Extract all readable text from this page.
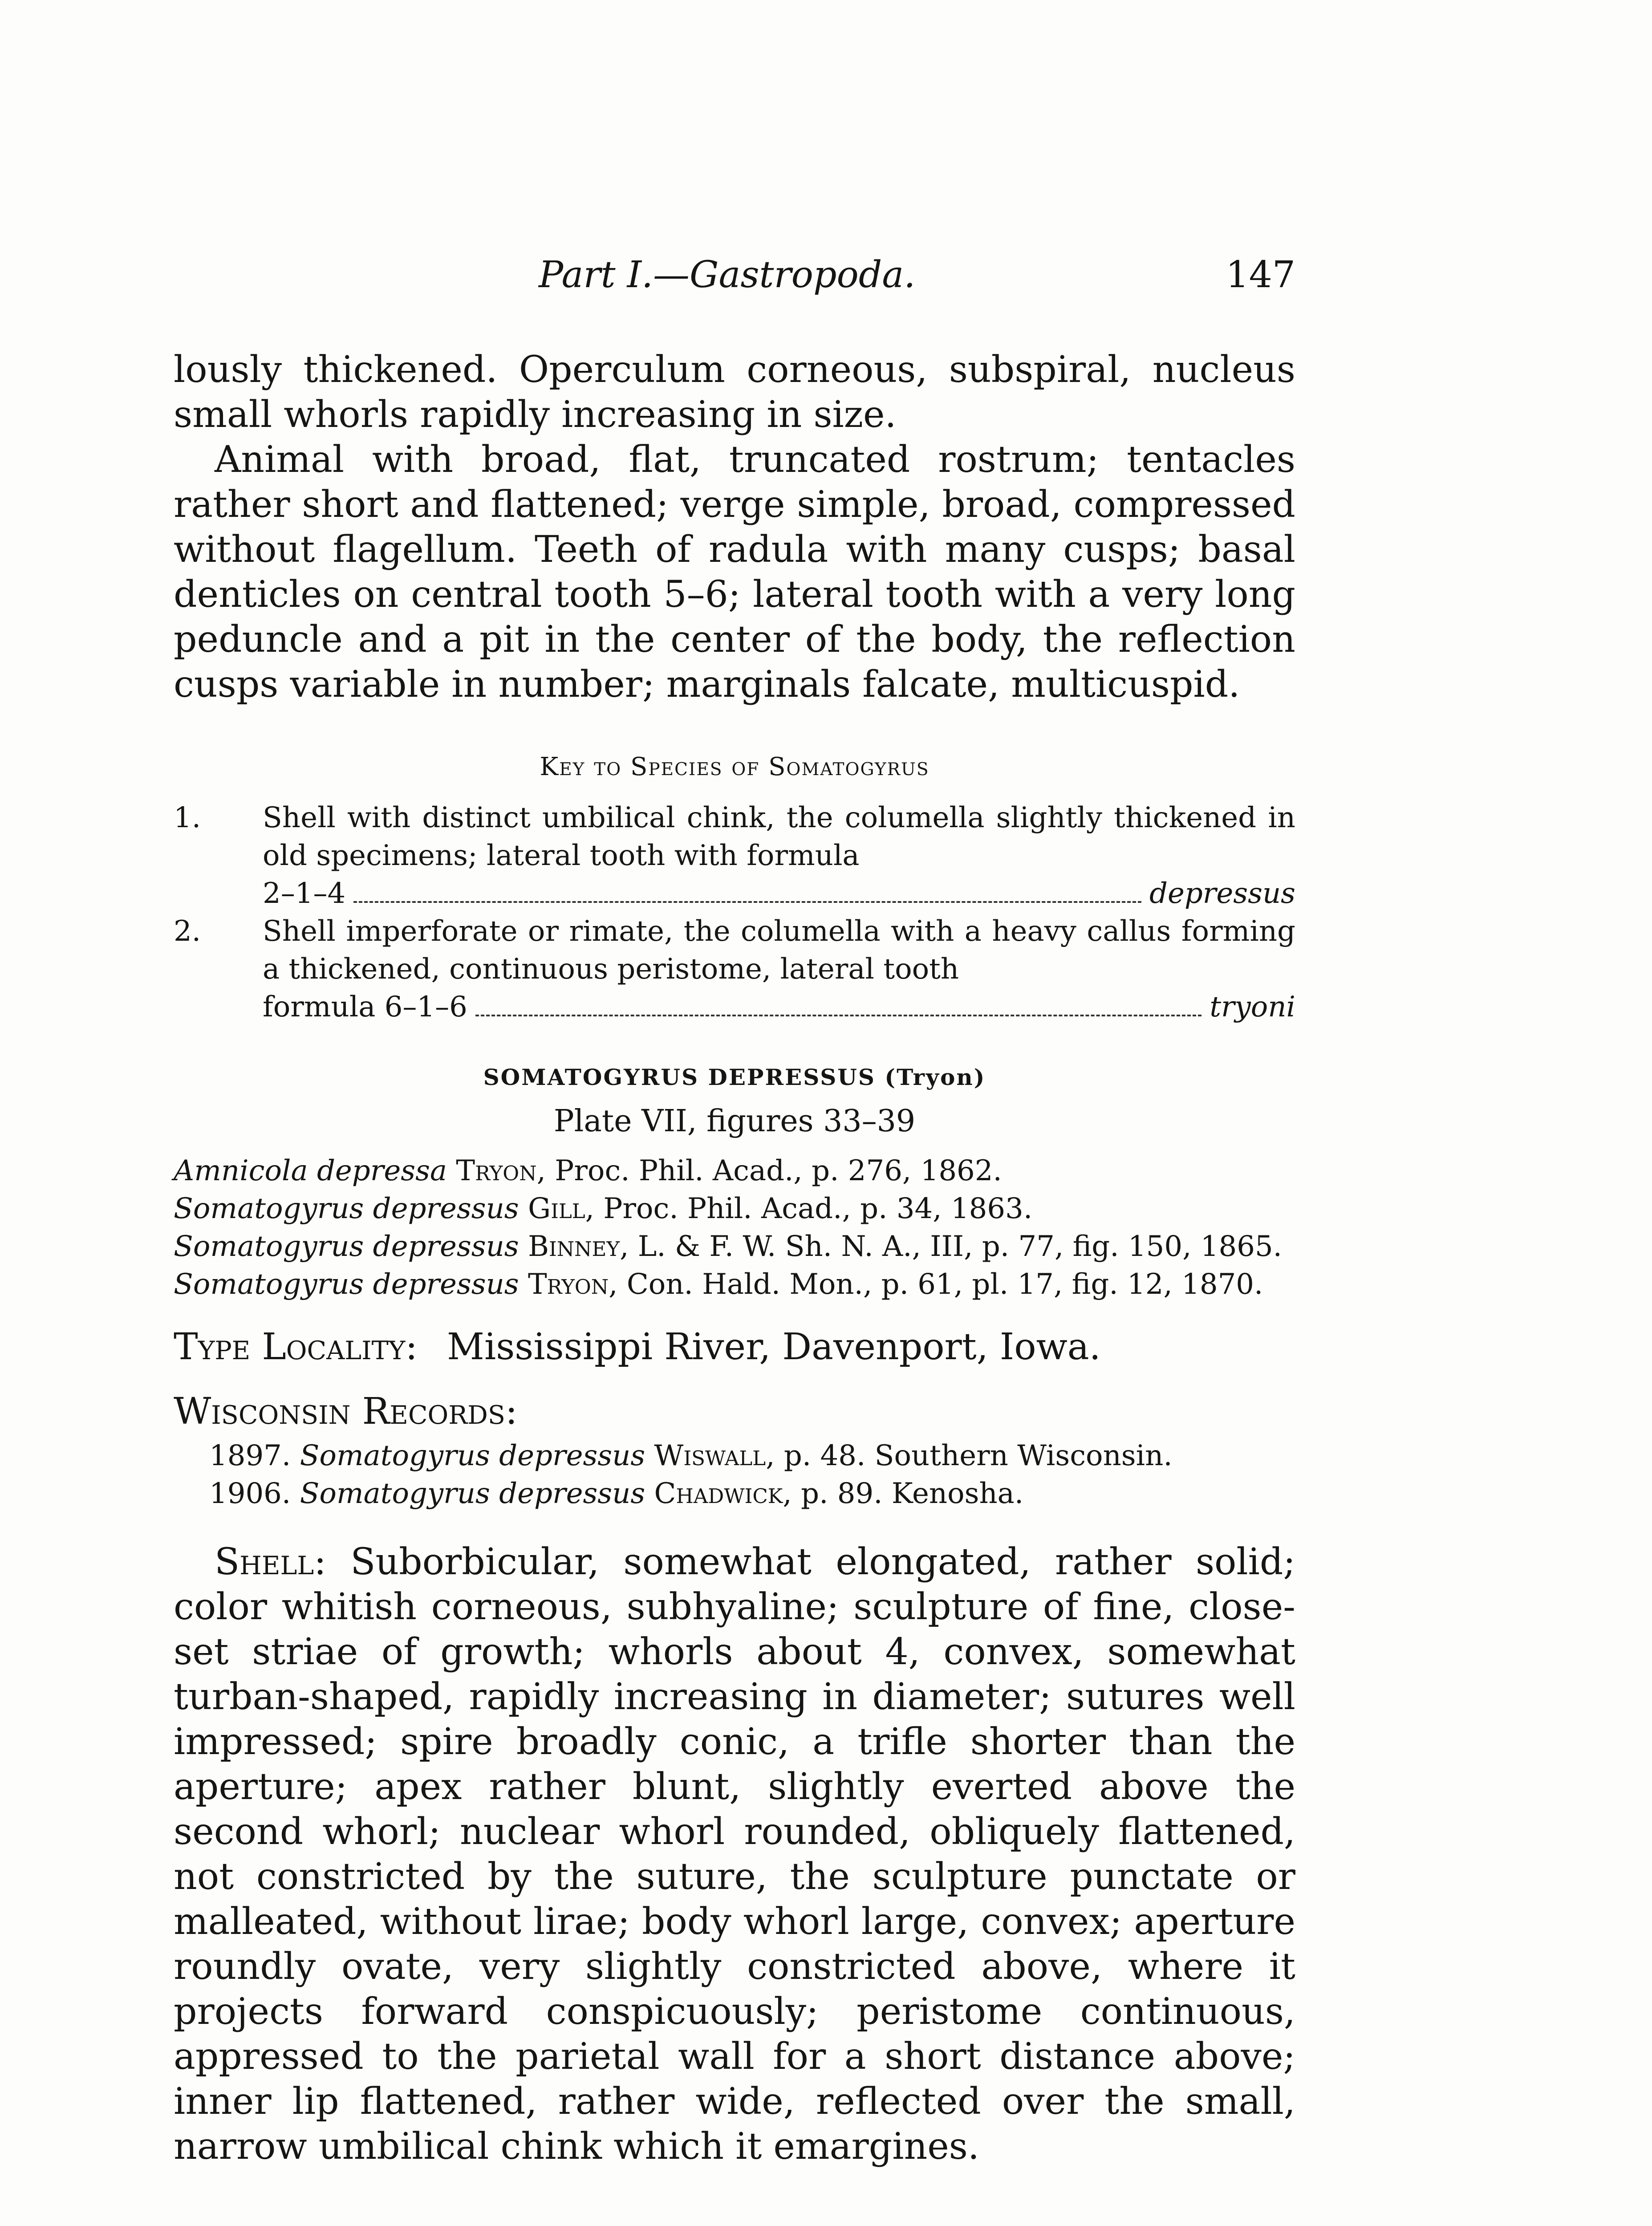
Part I.—Gastropoda.	147

lously thickened. Operculum corneous, subspiral, nucleus small whorls rapidly increasing in size.

Animal with broad, flat, truncated rostrum; tentacles rather short and flattened; verge simple, broad, compressed without flagellum. Teeth of radula with many cusps; basal denticles on central tooth 5–6; lateral tooth with a very long peduncle and a pit in the center of the body, the reflection cusps variable in number; marginals falcate, multicuspid.

Key to Species of Somatogyrus

1. Shell with distinct umbilical chink, the columella slightly thickened in old specimens; lateral tooth with formula
2–1–4	depressus
2. Shell imperforate or rimate, the columella with a heavy callus forming a thickened, continuous peristome, lateral tooth
formula 6–1–6	tryoni

SOMATOGYRUS DEPRESSUS (Tryon)

Plate VII, figures 33–39

Amnicola depressa Tryon, Proc. Phil. Acad., p. 276, 1862.

Somatogyrus depressus Gill, Proc. Phil. Acad., p. 34, 1863.

Somatogyrus depressus Binney, L. & F. W. Sh. N. A., III, p. 77, fig. 150, 1865.

Somatogyrus depressus Tryon, Con. Hald. Mon., p. 61, pl. 17, fig. 12, 1870.

Type Locality: Mississippi River, Davenport, Iowa.

Wisconsin Records:

1897. Somatogyrus depressus Wiswall, p. 48. Southern Wisconsin.

1906. Somatogyrus depressus Chadwick, p. 89. Kenosha.

Shell: Suborbicular, somewhat elongated, rather solid; color whitish corneous, subhyaline; sculpture of fine, close-set striae of growth; whorls about 4, convex, somewhat turban-shaped, rapidly increasing in diameter; sutures well impressed; spire broadly conic, a trifle shorter than the aperture; apex rather blunt, slightly everted above the second whorl; nuclear whorl rounded, obliquely flattened, not constricted by the suture, the sculpture punctate or malleated, without lirae; body whorl large, convex; aperture roundly ovate, very slightly constricted above, where it projects forward conspicuously; peristome continuous, appressed to the parietal wall for a short distance above; inner lip flattened, rather wide, reflected over the small, narrow umbilical chink which it emargines.
